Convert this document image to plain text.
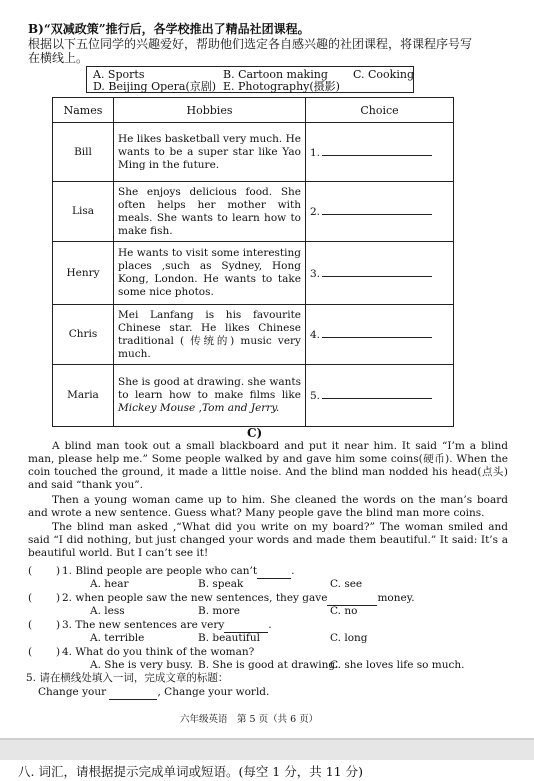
B)“双减政策”推行后，各学校推出了精品社团课程。
根据以下五位同学的兴趣爱好，帮助他们选定各自感兴趣的社团课程，将课程序号写
在横线上。
A. Sports	B. Cartoon making C. Cooking
D. Beijing Opera(京剧) E. Photography(摄影)
Names	Hobbies	Choice
Bill	He likes basketball very much. He wants to be a super star like Yao Ming in the future.	1.
Lisa	She enjoys delicious food. She often helps her mother with meals. She wants to learn how to make fish.	2.
Henry	He wants to visit some interesting places ,such as Sydney, Hong Kong, London. He wants to take some nice photos.	3.
Chris	Mei Lanfang is his favourite Chinese star. He likes Chinese traditional ( 传统的) music very much.	4.
Maria	She is good at drawing. she wants to learn how to make films like Mickey Mouse ,Tom and Jerry.	5.
C)
A blind man took out a small blackboard and put it near him. It said “I’m a blind man, please help me.” Some people walked by and gave him some coins(硬币). When the coin touched the ground, it made a little noise. And the blind man nodded his head(点头) and said “thank you”.
Then a young woman came up to him. She cleaned the words on the man’s board and wrote a new sentence. Guess what? Many people gave the blind man more coins.
The blind man asked ,“What did you write on my board?” The woman smiled and said “I did nothing, but just changed your words and made them beautiful.” It said: It’s a beautiful world. But I can’t see it!
( ) 1. Blind people are people who can’t	.
A. hear	B. speak	C. see
( ) 2. when people saw the new sentences, they gave	money.
A. less	B. more	C. no
( ) 3. The new sentences are very	.
A. terrible	B. beautiful	C. long
( ) 4. What do you think of the woman?
A. She is very busy. B. She is good at drawing.
C. she loves life so much.
5. 请在横线处填入一词，完成文章的标题：
Change your	, Change your world.
六年级英语　第 5 页（共 6 页）
八. 词汇，请根据提示完成单词或短语。(每空 1 分，共 11 分)
